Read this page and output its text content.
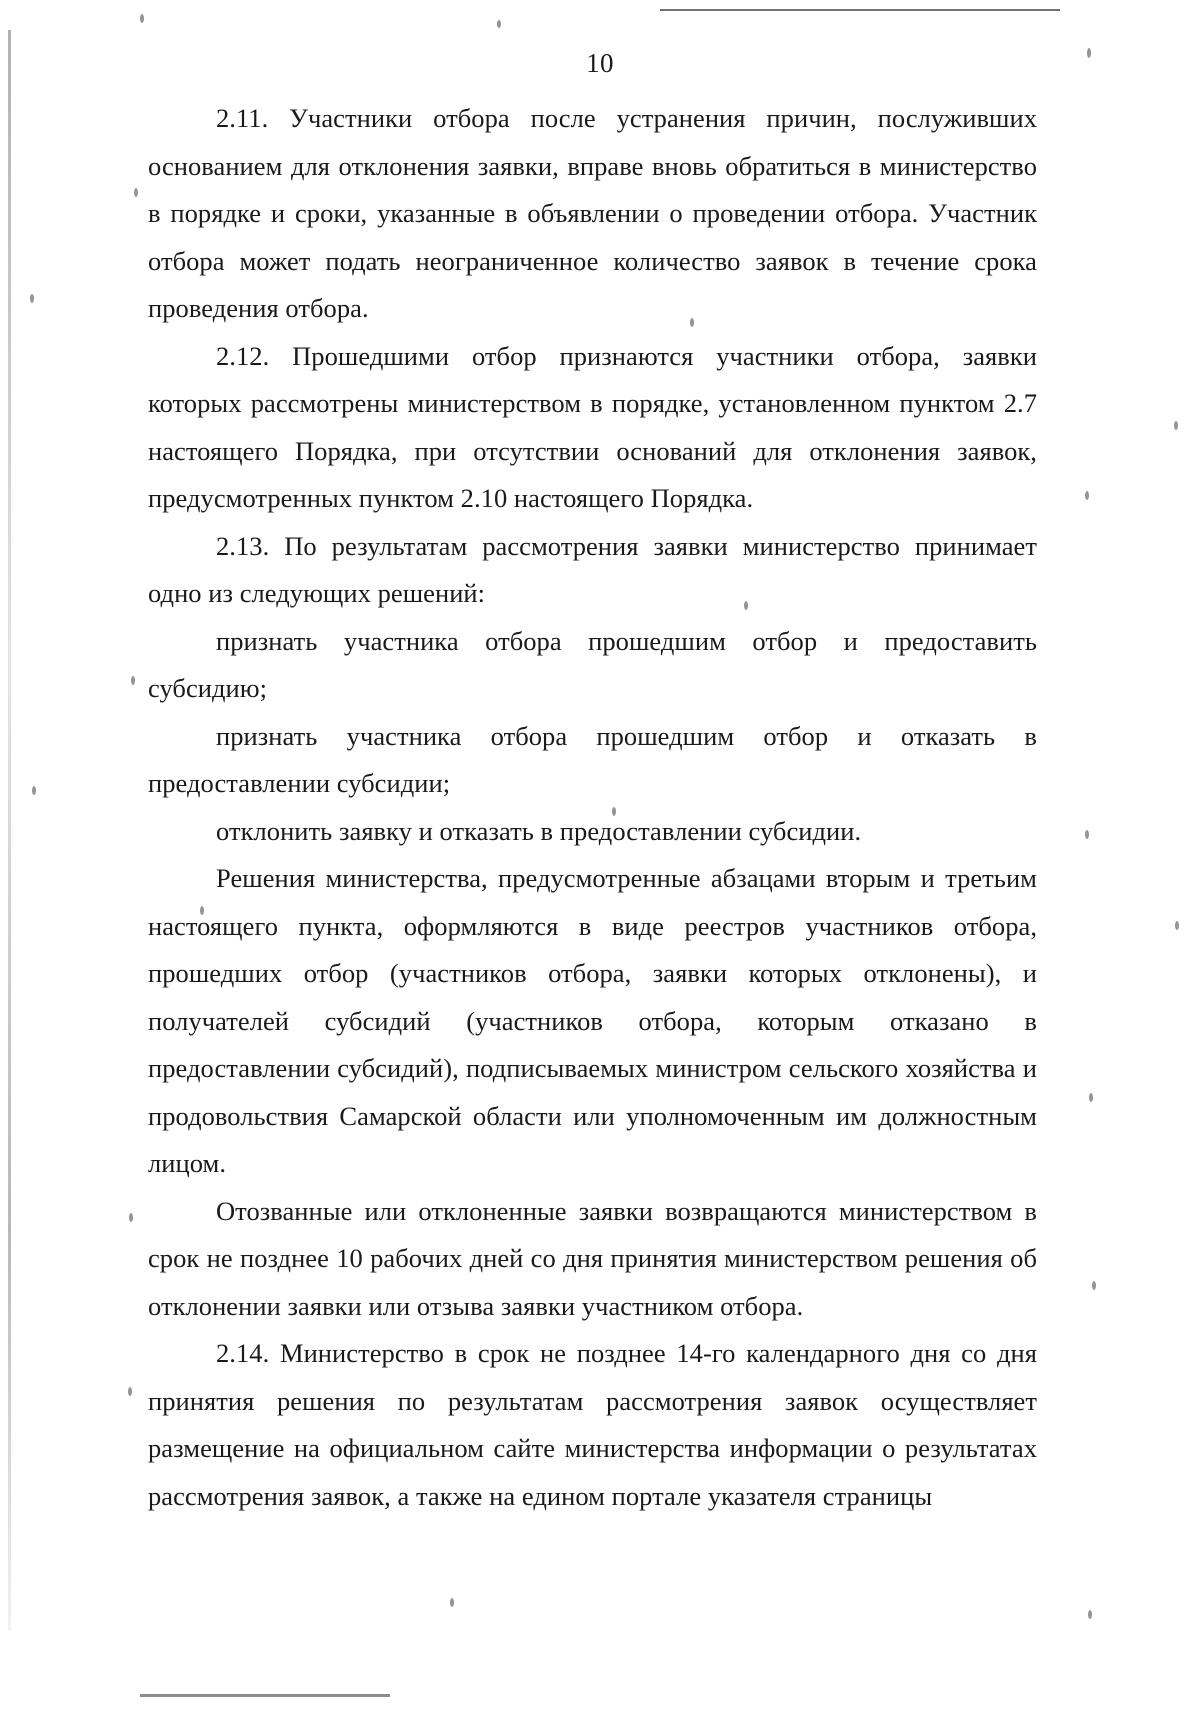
10

2.11. Участники отбора после устранения причин, послуживших основанием для отклонения заявки, вправе вновь обратиться в министерство в порядке и сроки, указанные в объявлении о проведении отбора. Участник отбора может подать неограниченное количество заявок в течение срока проведения отбора.

2.12. Прошедшими отбор признаются участники отбора, заявки которых рассмотрены министерством в порядке, установленном пунктом 2.7 настоящего Порядка, при отсутствии оснований для отклонения заявок, предусмотренных пунктом 2.10 настоящего Порядка.

2.13. По результатам рассмотрения заявки министерство принимает одно из следующих решений:

признать участника отбора прошедшим отбор и предоставить субсидию;

признать участника отбора прошедшим отбор и отказать в предоставлении субсидии;

отклонить заявку и отказать в предоставлении субсидии.

Решения министерства, предусмотренные абзацами вторым и третьим настоящего пункта, оформляются в виде реестров участников отбора, прошедших отбор (участников отбора, заявки которых отклонены), и получателей субсидий (участников отбора, которым отказано в предоставлении субсидий), подписываемых министром сельского хозяйства и продовольствия Самарской области или уполномоченным им должностным лицом.

Отозванные или отклоненные заявки возвращаются министерством в срок не позднее 10 рабочих дней со дня принятия министерством решения об отклонении заявки или отзыва заявки участником отбора.

2.14. Министерство в срок не позднее 14-го календарного дня со дня принятия решения по результатам рассмотрения заявок осуществляет размещение на официальном сайте министерства информации о результатах рассмотрения заявок, а также на едином портале указателя страницы
